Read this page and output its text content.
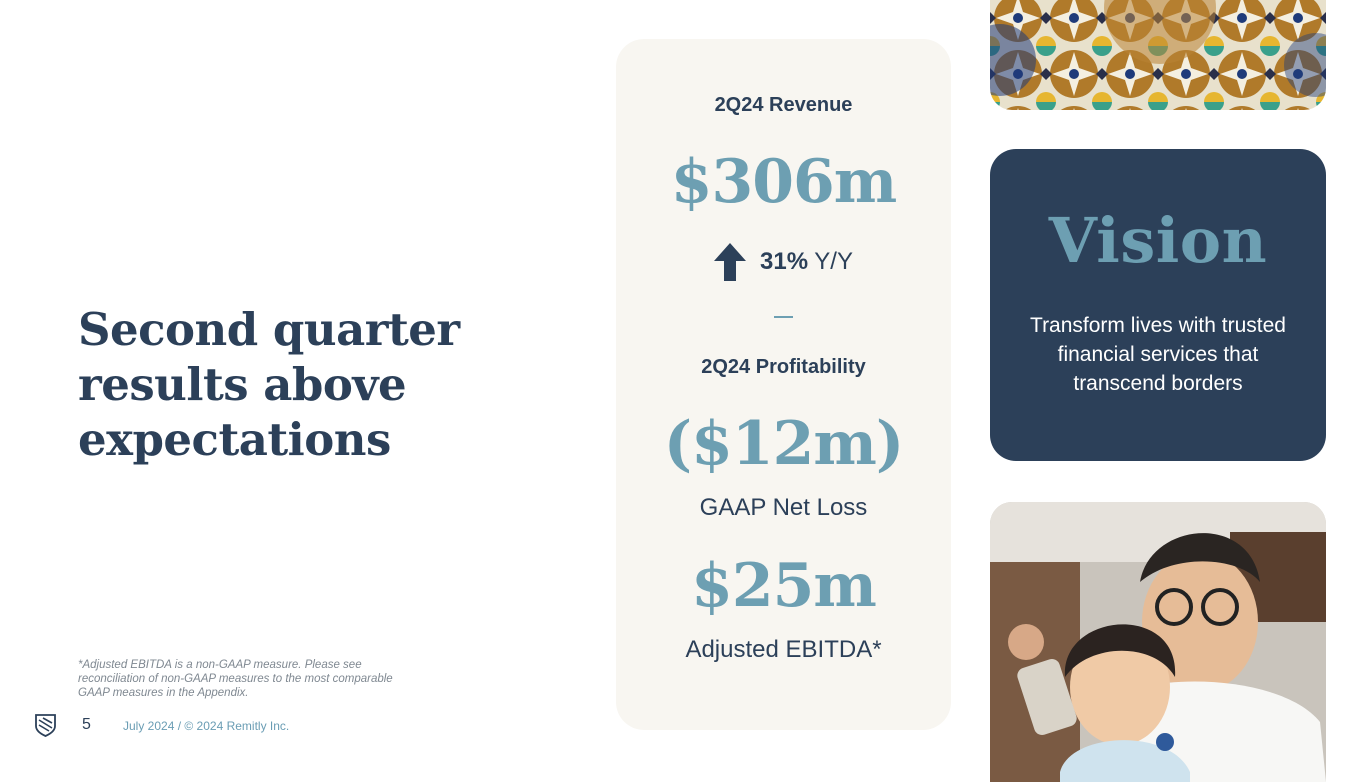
Second quarter results above expectations
*Adjusted EBITDA is a non-GAAP measure. Please see reconciliation of non-GAAP measures to the most comparable GAAP measures in the Appendix.
5	July 2024 / © 2024 Remitly Inc.
2Q24 Revenue
$306m
31% Y/Y
2Q24 Profitability
($12m)
GAAP Net Loss
$25m
Adjusted EBITDA*
Vision
Transform lives with trusted financial services that transcend borders
